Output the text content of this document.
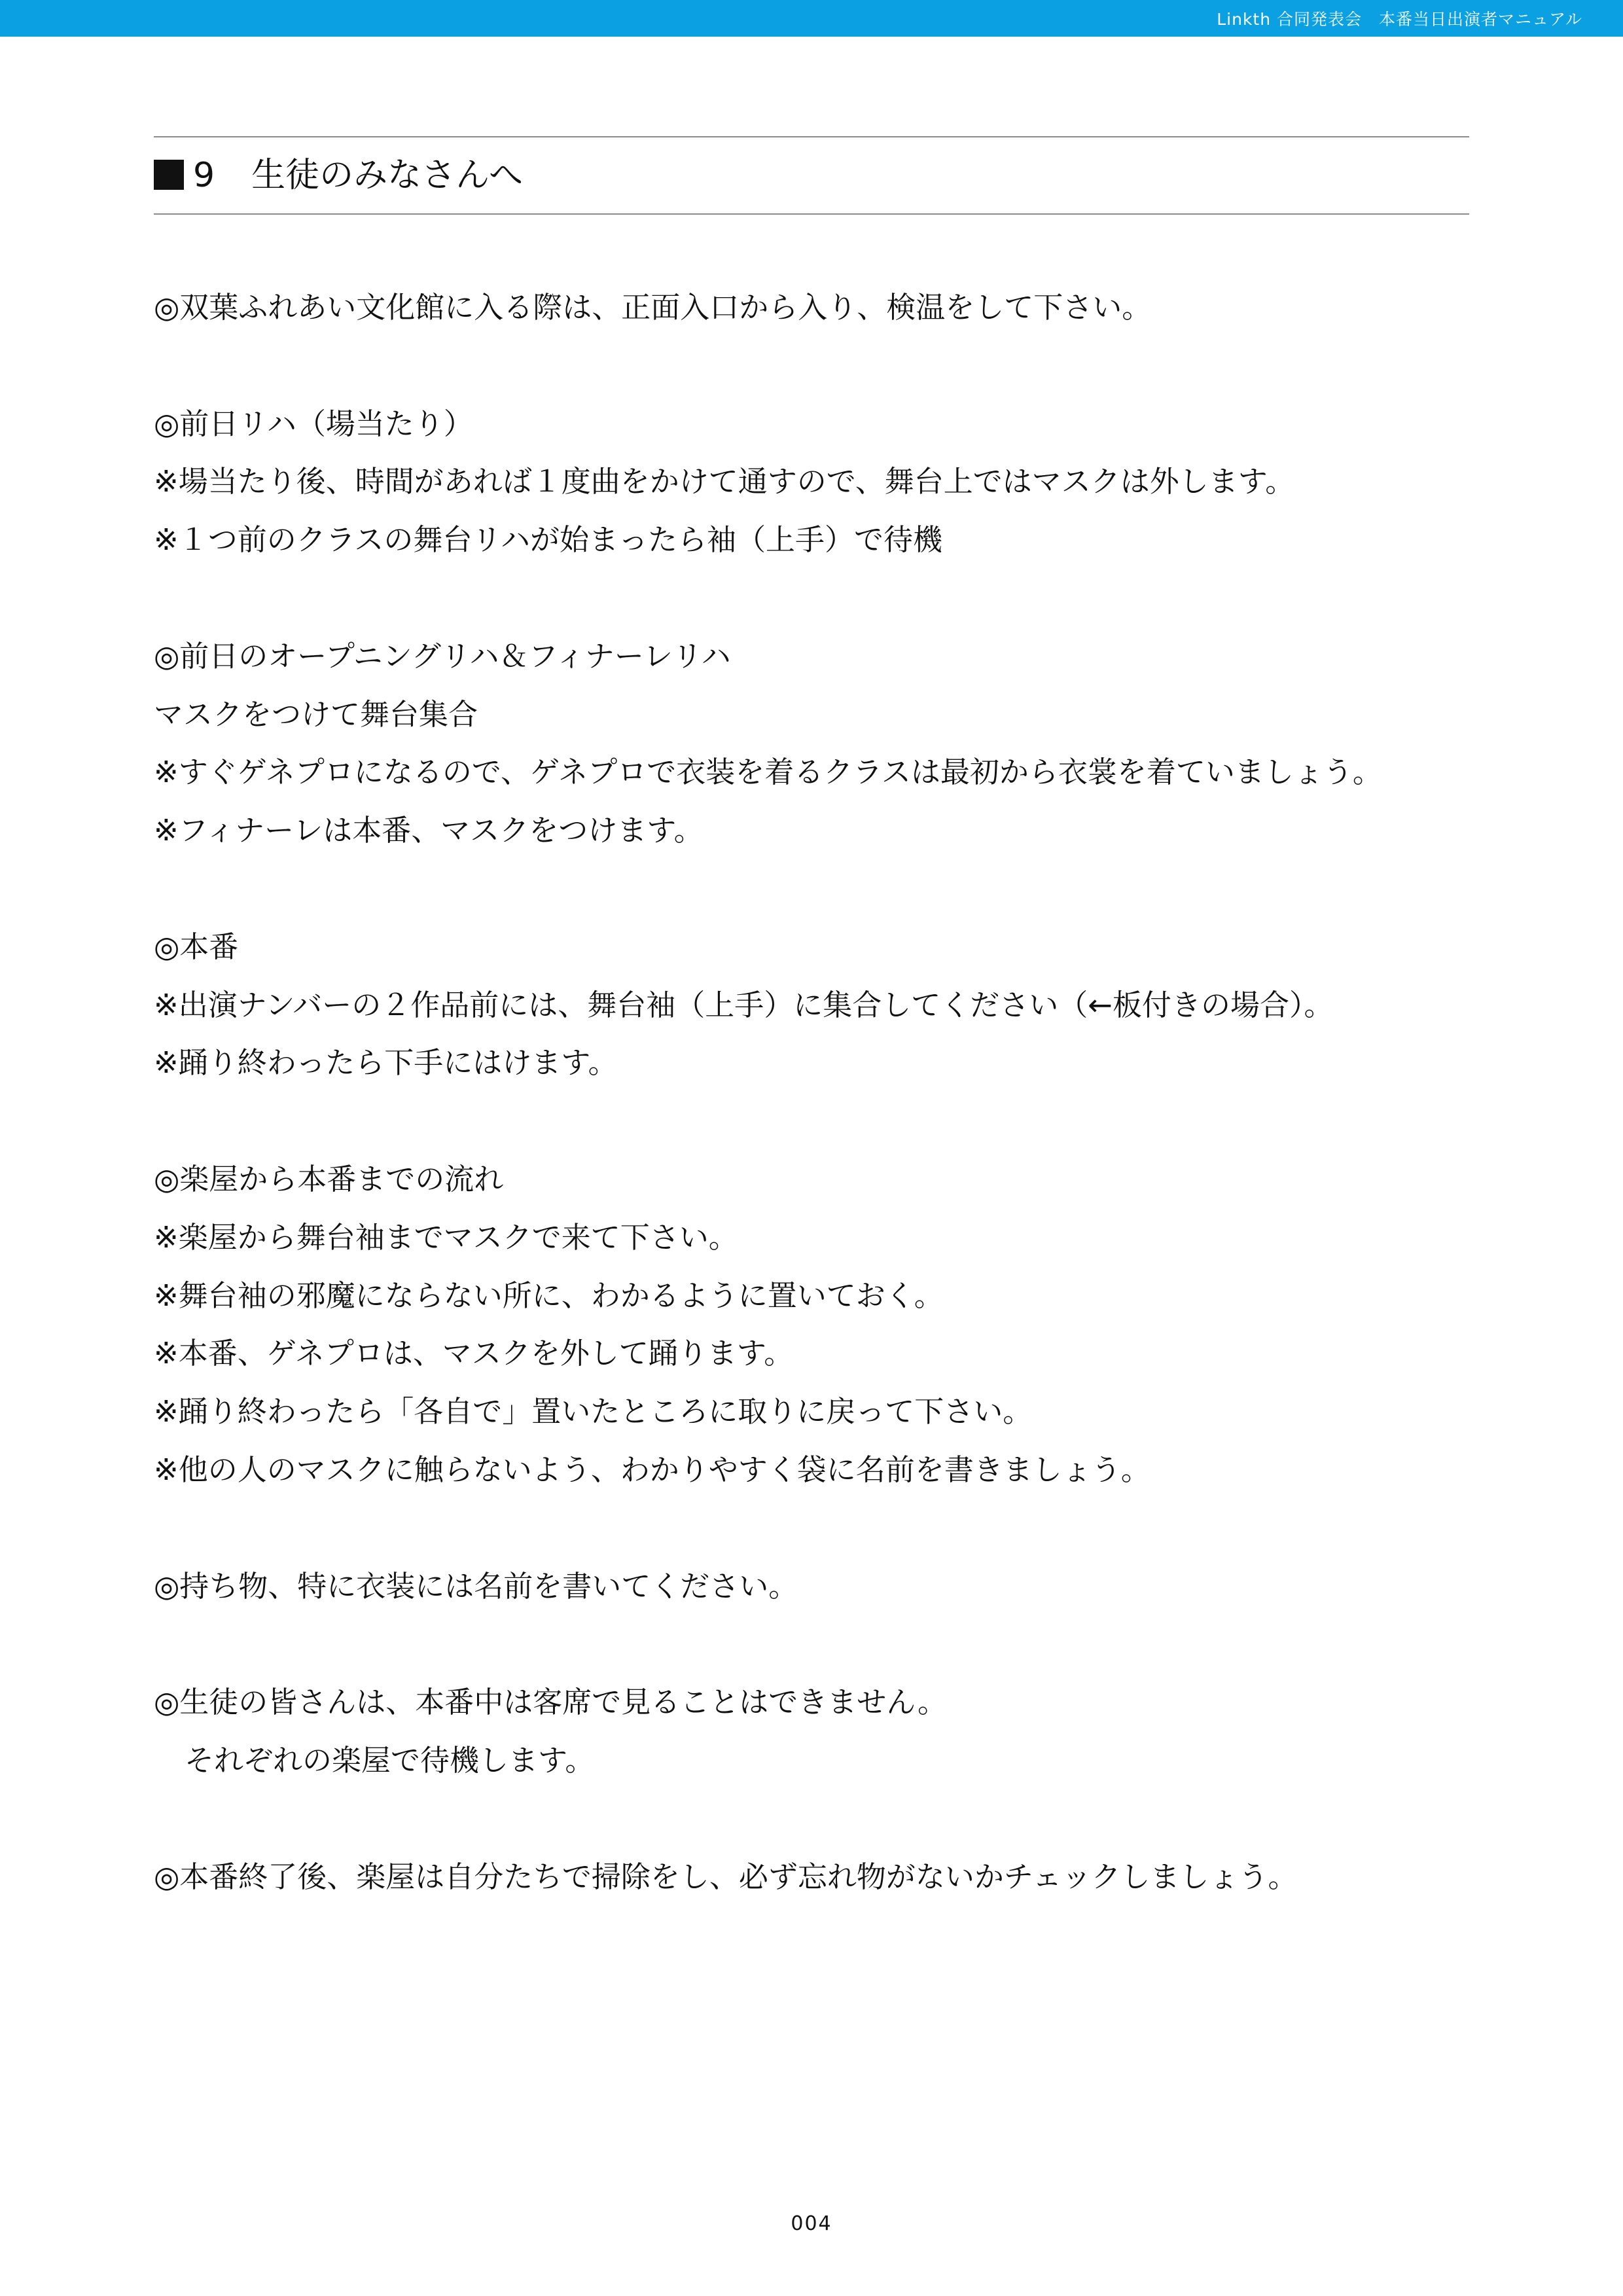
Linkth 合同発表会　本番当日出演者マニュアル
9 生徒のみなさんへ
◎双葉ふれあい文化館に入る際は、正面入口から入り、検温をして下さい。
◎前日リハ（場当たり）
※場当たり後、時間があれば１度曲をかけて通すので、舞台上ではマスクは外します。
※１つ前のクラスの舞台リハが始まったら袖（上手）で待機
◎前日のオープニングリハ＆フィナーレリハ
マスクをつけて舞台集合
※すぐゲネプロになるので、ゲネプロで衣装を着るクラスは最初から衣裳を着ていましょう。
※フィナーレは本番、マスクをつけます。
◎本番
※出演ナンバーの２作品前には、舞台袖（上手）に集合してください（←板付きの場合）。
※踊り終わったら下手にはけます。
◎楽屋から本番までの流れ
※楽屋から舞台袖までマスクで来て下さい。
※舞台袖の邪魔にならない所に、わかるように置いておく。
※本番、ゲネプロは、マスクを外して踊ります。
※踊り終わったら「各自で」置いたところに取りに戻って下さい。
※他の人のマスクに触らないよう、わかりやすく袋に名前を書きましょう。
◎持ち物、特に衣装には名前を書いてください。
◎生徒の皆さんは、本番中は客席で見ることはできません。
それぞれの楽屋で待機します。
◎本番終了後、楽屋は自分たちで掃除をし、必ず忘れ物がないかチェックしましょう。
004
